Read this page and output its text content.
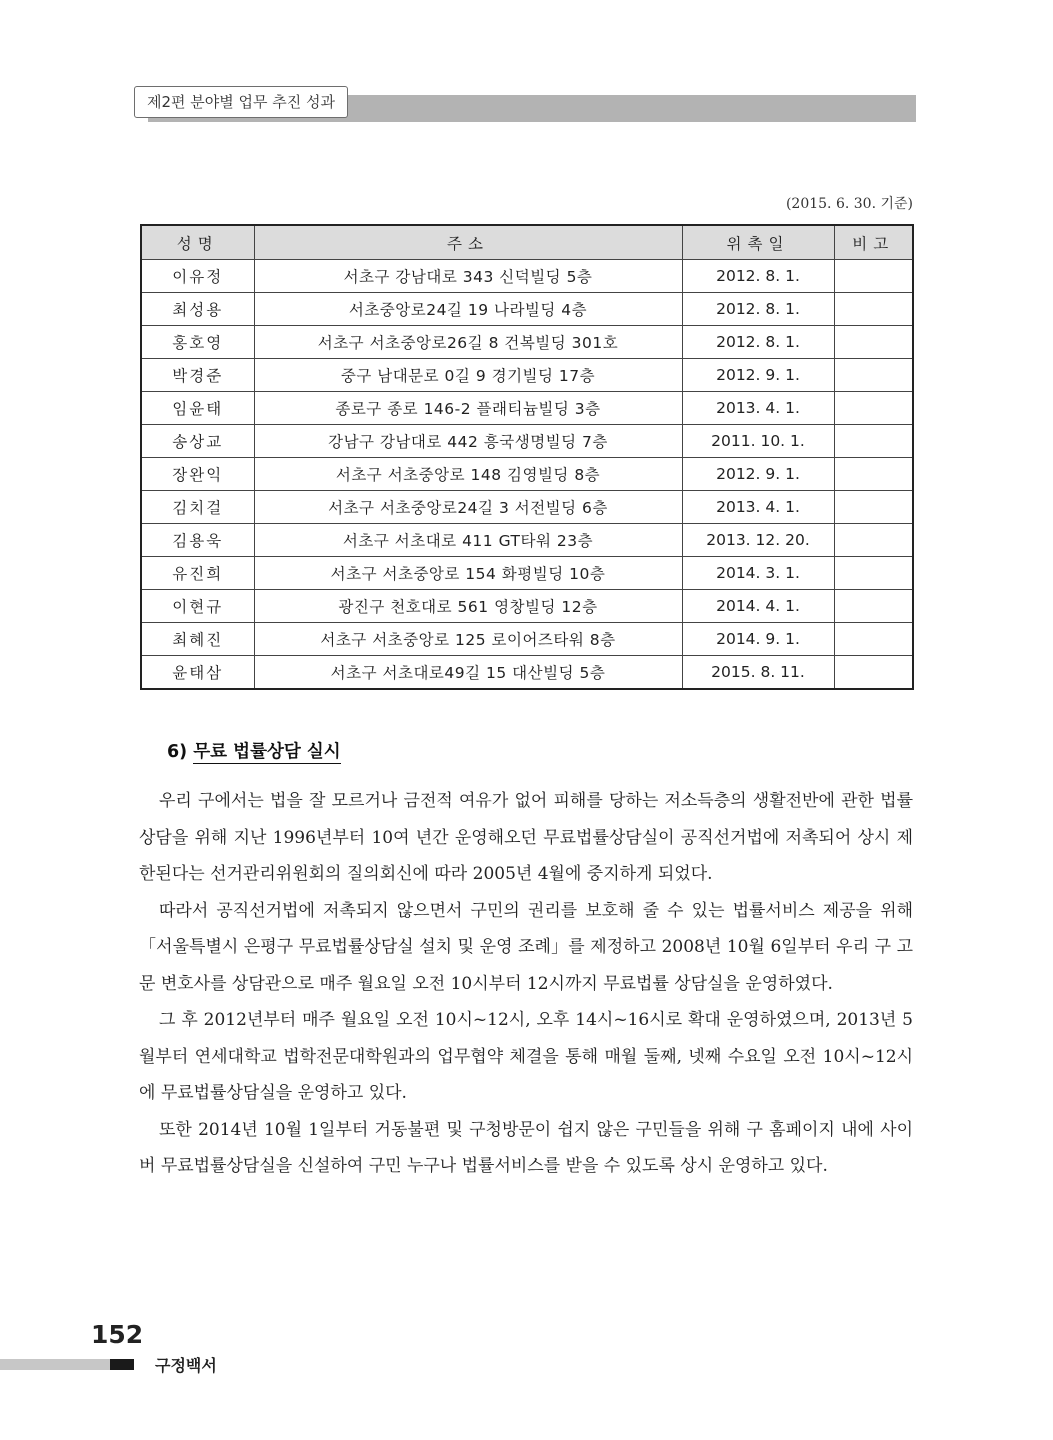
제2편 분야별 업무 추진 성과
(2015. 6. 30. 기준)
성명	주소	위촉일	비고
이유정	서초구 강남대로 343 신덕빌딩 5층	2012. 8. 1.	
최성용	서초중앙로24길 19 나라빌딩 4층	2012. 8. 1.	
홍호영	서초구 서초중앙로26길 8 건복빌딩 301호	2012. 8. 1.	
박경준	중구 남대문로 0길 9 경기빌딩 17층	2012. 9. 1.	
임윤태	종로구 종로 146-2 플래티늄빌딩 3층	2013. 4. 1.	
송상교	강남구 강남대로 442 흥국생명빌딩 7층	2011. 10. 1.	
장완익	서초구 서초중앙로 148 김영빌딩 8층	2012. 9. 1.	
김치걸	서초구 서초중앙로24길 3 서전빌딩 6층	2013. 4. 1.	
김용욱	서초구 서초대로 411 GT타워 23층	2013. 12. 20.	
유진희	서초구 서초중앙로 154 화평빌딩 10층	2014. 3. 1.	
이현규	광진구 천호대로 561 영창빌딩 12층	2014. 4. 1.	
최혜진	서초구 서초중앙로 125 로이어즈타워 8층	2014. 9. 1.	
윤태삼	서초구 서초대로49길 15 대산빌딩 5층	2015. 8. 11.	
6) 무료 법률상담 실시

우리 구에서는 법을 잘 모르거나 금전적 여유가 없어 피해를 당하는 저소득층의 생활전반에 관한 법률상담을 위해 지난 1996년부터 10여 년간 운영해오던 무료법률상담실이 공직선거법에 저촉되어 상시 제한된다는 선거관리위원회의 질의회신에 따라 2005년 4월에 중지하게 되었다.

따라서 공직선거법에 저촉되지 않으면서 구민의 권리를 보호해 줄 수 있는 법률서비스 제공을 위해 「서울특별시 은평구 무료법률상담실 설치 및 운영 조례」를 제정하고 2008년 10월 6일부터 우리 구 고문 변호사를 상담관으로 매주 월요일 오전 10시부터 12시까지 무료법률 상담실을 운영하였다.

그 후 2012년부터 매주 월요일 오전 10시~12시, 오후 14시~16시로 확대 운영하였으며, 2013년 5월부터 연세대학교 법학전문대학원과의 업무협약 체결을 통해 매월 둘째, 넷째 수요일 오전 10시~12시에 무료법률상담실을 운영하고 있다.

또한 2014년 10월 1일부터 거동불편 및 구청방문이 쉽지 않은 구민들을 위해 구 홈페이지 내에 사이버 무료법률상담실을 신설하여 구민 누구나 법률서비스를 받을 수 있도록 상시 운영하고 있다.

152
구정백서
